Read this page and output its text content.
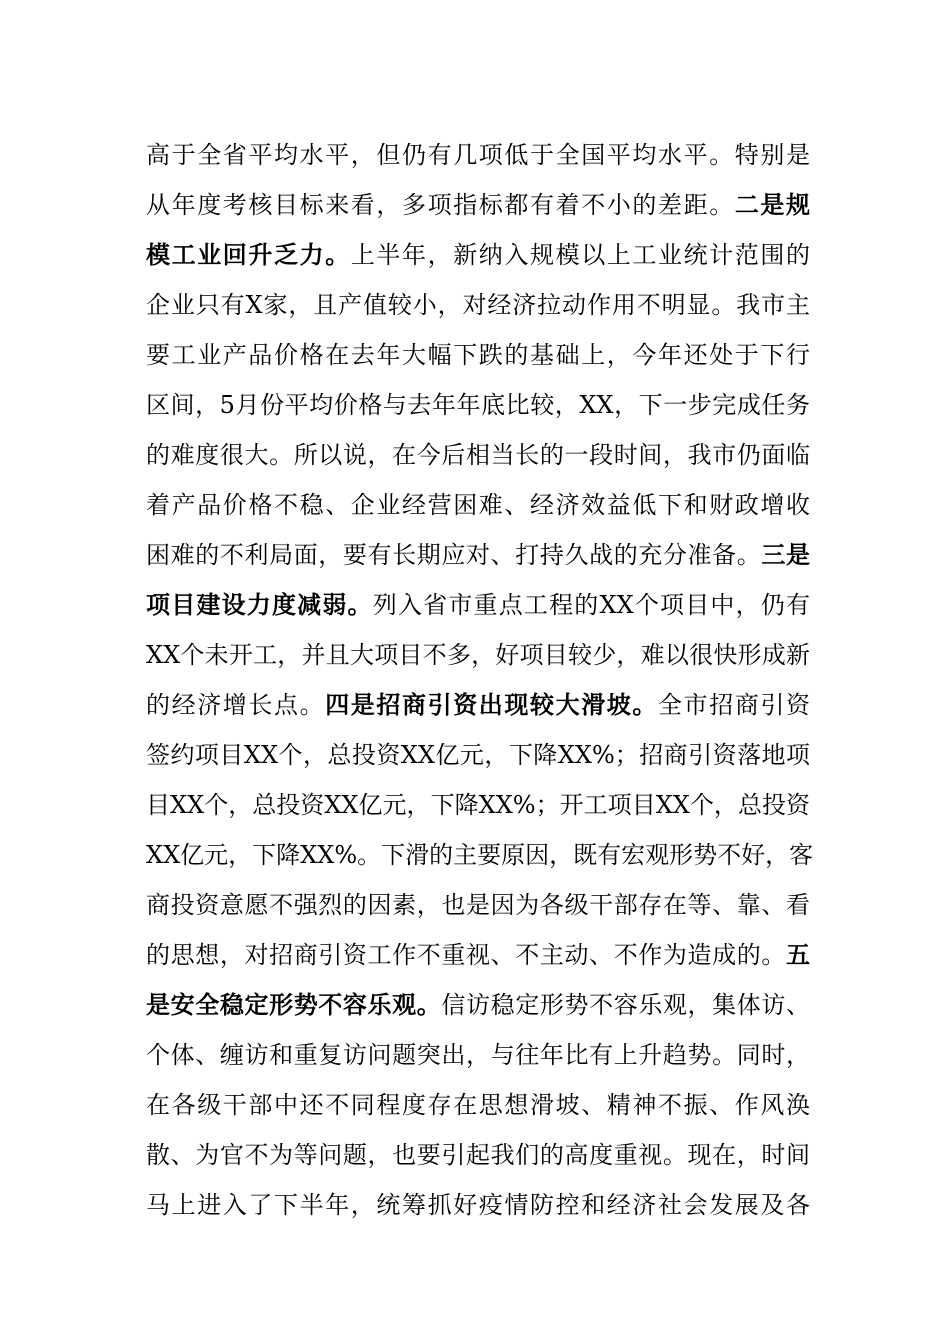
高于全省平均水平，但仍有几项低于全国平均水平。特别是
从年度考核目标来看，多项指标都有着不小的差距。二是规
模工业回升乏力。上半年，新纳入规模以上工业统计范围的
企业只有X家，且产值较小，对经济拉动作用不明显。我市主
要工业产品价格在去年大幅下跌的基础上，今年还处于下行
区间，5月份平均价格与去年年底比较，XX，下一步完成任务
的难度很大。所以说，在今后相当长的一段时间，我市仍面临
着产品价格不稳、企业经营困难、经济效益低下和财政增收
困难的不利局面，要有长期应对、打持久战的充分准备。三是
项目建设力度减弱。列入省市重点工程的XX个项目中，仍有
XX个未开工，并且大项目不多，好项目较少，难以很快形成新
的经济增长点。四是招商引资出现较大滑坡。全市招商引资
签约项目XX个，总投资XX亿元，下降XX%；招商引资落地项
目XX个，总投资XX亿元，下降XX%；开工项目XX个，总投资
XX亿元，下降XX%。下滑的主要原因，既有宏观形势不好，客
商投资意愿不强烈的因素，也是因为各级干部存在等、靠、看
的思想，对招商引资工作不重视、不主动、不作为造成的。五
是安全稳定形势不容乐观。信访稳定形势不容乐观，集体访、
个体、缠访和重复访问题突出，与往年比有上升趋势。同时，
在各级干部中还不同程度存在思想滑坡、精神不振、作风涣
散、为官不为等问题，也要引起我们的高度重视。现在，时间
马上进入了下半年，统筹抓好疫情防控和经济社会发展及各
